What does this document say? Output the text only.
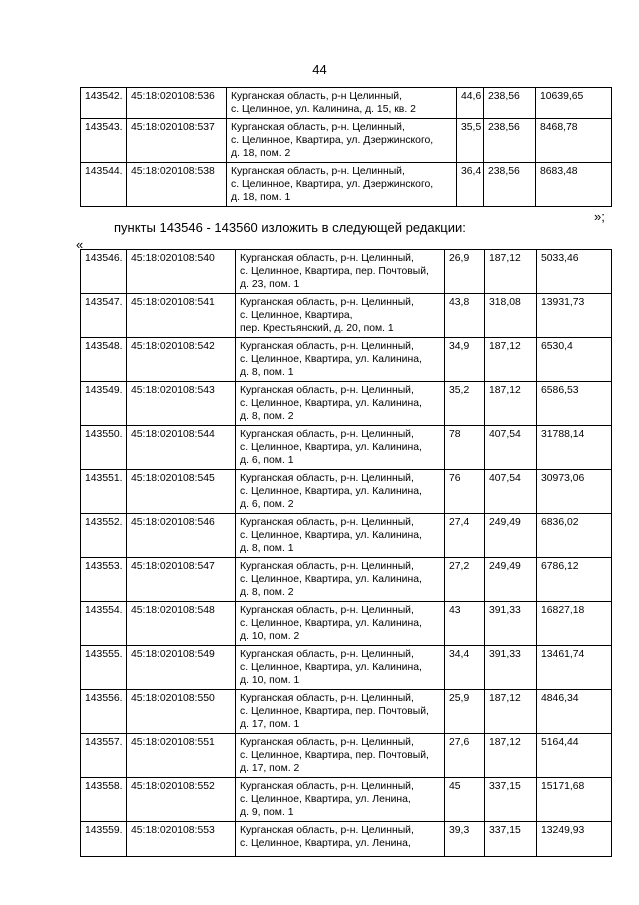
44
143542.	45:18:020108:536	Курганская область, р-н Целинный,
с. Целинное, ул. Калинина, д. 15, кв. 2	44,6	238,56	10639,65
143543.	45:18:020108:537	Курганская область, р-н. Целинный,
с. Целинное, Квартира, ул. Дзержинского,
д. 18, пом. 2	35,5	238,56	8468,78
143544.	45:18:020108:538	Курганская область, р-н. Целинный,
с. Целинное, Квартира, ул. Дзержинского,
д. 18, пом. 1	36,4	238,56	8683,48
»;
пункты 143546 - 143560 изложить в следующей редакции:
«
143546.	45:18:020108:540	Курганская область, р-н. Целинный,
с. Целинное, Квартира, пер. Почтовый,
д. 23, пом. 1	26,9	187,12	5033,46
143547.	45:18:020108:541	Курганская область, р-н. Целинный,
с. Целинное, Квартира,
пер. Крестьянский, д. 20, пом. 1	43,8	318,08	13931,73
143548.	45:18:020108:542	Курганская область, р-н. Целинный,
с. Целинное, Квартира, ул. Калинина,
д. 8, пом. 1	34,9	187,12	6530,4
143549.	45:18:020108:543	Курганская область, р-н. Целинный,
с. Целинное, Квартира, ул. Калинина,
д. 8, пом. 2	35,2	187,12	6586,53
143550.	45:18:020108:544	Курганская область, р-н. Целинный,
с. Целинное, Квартира, ул. Калинина,
д. 6, пом. 1	78	407,54	31788,14
143551.	45:18:020108:545	Курганская область, р-н. Целинный,
с. Целинное, Квартира, ул. Калинина,
д. 6, пом. 2	76	407,54	30973,06
143552.	45:18:020108:546	Курганская область, р-н. Целинный,
с. Целинное, Квартира, ул. Калинина,
д. 8, пом. 1	27,4	249,49	6836,02
143553.	45:18:020108:547	Курганская область, р-н. Целинный,
с. Целинное, Квартира, ул. Калинина,
д. 8, пом. 2	27,2	249,49	6786,12
143554.	45:18:020108:548	Курганская область, р-н. Целинный,
с. Целинное, Квартира, ул. Калинина,
д. 10, пом. 2	43	391,33	16827,18
143555.	45:18:020108:549	Курганская область, р-н. Целинный,
с. Целинное, Квартира, ул. Калинина,
д. 10, пом. 1	34,4	391,33	13461,74
143556.	45:18:020108:550	Курганская область, р-н. Целинный,
с. Целинное, Квартира, пер. Почтовый,
д. 17, пом. 1	25,9	187,12	4846,34
143557.	45:18:020108:551	Курганская область, р-н. Целинный,
с. Целинное, Квартира, пер. Почтовый,
д. 17, пом. 2	27,6	187,12	5164,44
143558.	45:18:020108:552	Курганская область, р-н. Целинный,
с. Целинное, Квартира, ул. Ленина,
д. 9, пом. 1	45	337,15	15171,68
143559.	45:18:020108:553	Курганская область, р-н. Целинный,
с. Целинное, Квартира, ул. Ленина,	39,3	337,15	13249,93
